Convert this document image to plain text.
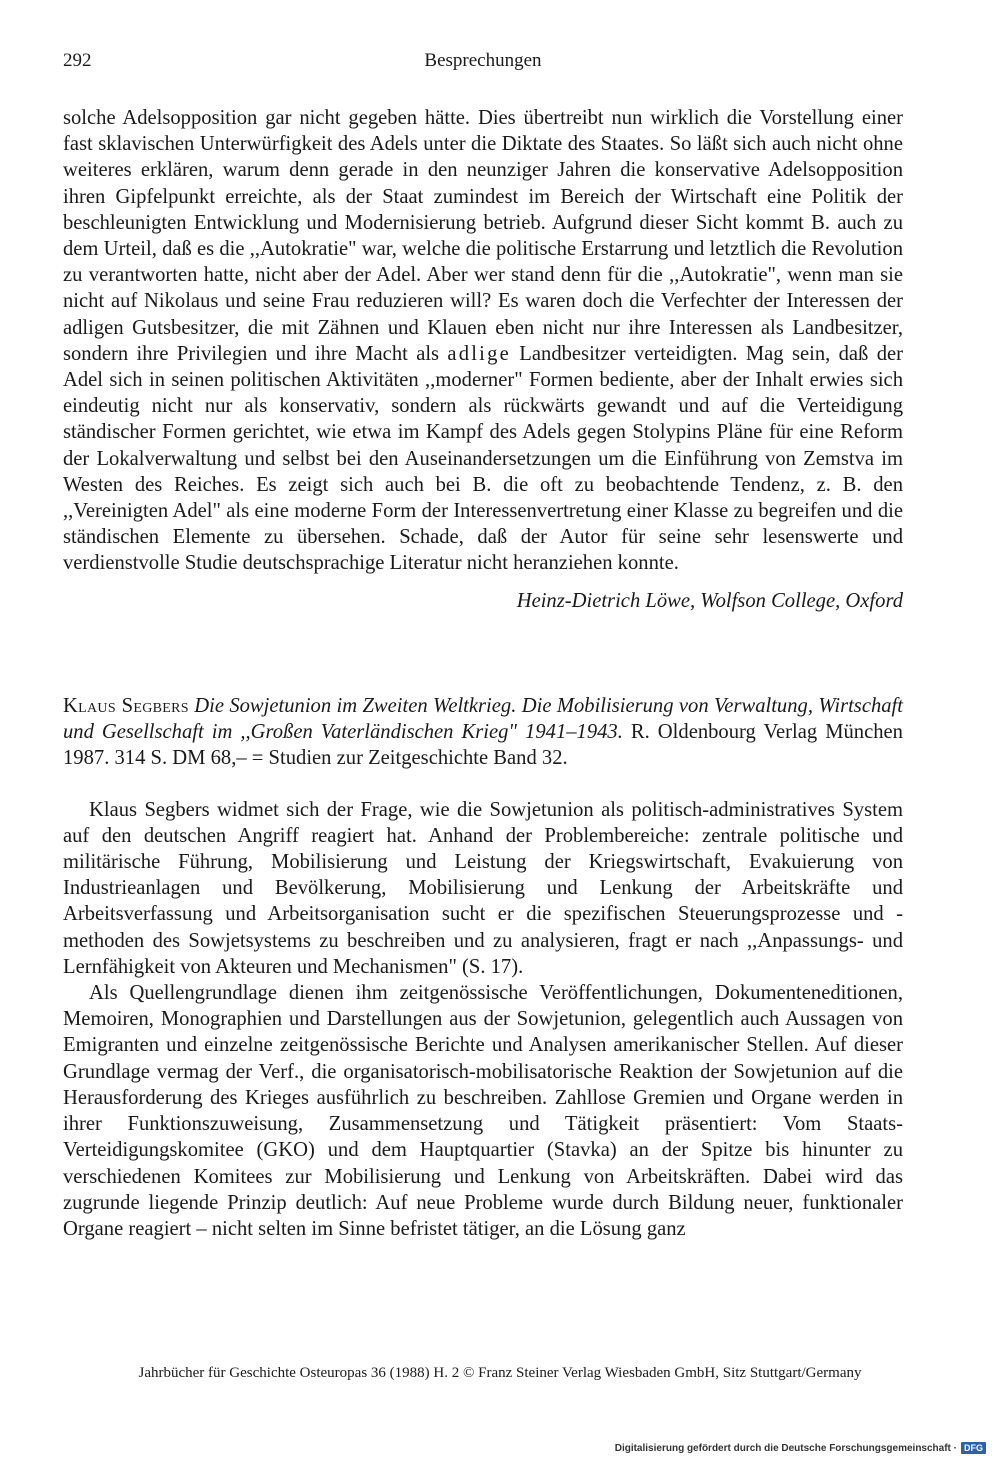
292	Besprechungen

solche Adelsopposition gar nicht gegeben hätte. Dies übertreibt nun wirklich die Vorstellung einer fast sklavischen Unterwürfigkeit des Adels unter die Diktate des Staates. So läßt sich auch nicht ohne weiteres erklären, warum denn gerade in den neunziger Jahren die konservative Adelsopposition ihren Gipfelpunkt erreichte, als der Staat zumindest im Bereich der Wirtschaft eine Politik der beschleunigten Entwicklung und Modernisierung betrieb. Aufgrund dieser Sicht kommt B. auch zu dem Urteil, daß es die ,,Autokratie" war, welche die politische Erstarrung und letztlich die Revolution zu verantworten hatte, nicht aber der Adel. Aber wer stand denn für die ,,Autokratie", wenn man sie nicht auf Nikolaus und seine Frau reduzieren will? Es waren doch die Verfechter der Interessen der adligen Gutsbesitzer, die mit Zähnen und Klauen eben nicht nur ihre Interessen als Landbesitzer, sondern ihre Privilegien und ihre Macht als adlige Landbesitzer verteidigten. Mag sein, daß der Adel sich in seinen politischen Aktivitäten ,,moderner" Formen bediente, aber der Inhalt erwies sich eindeutig nicht nur als konservativ, sondern als rückwärts gewandt und auf die Verteidigung ständischer Formen gerichtet, wie etwa im Kampf des Adels gegen Stolypins Pläne für eine Reform der Lokalverwaltung und selbst bei den Auseinandersetzungen um die Einführung von Zemstva im Westen des Reiches. Es zeigt sich auch bei B. die oft zu beobachtende Tendenz, z. B. den ,,Vereinigten Adel" als eine moderne Form der Interessenvertretung einer Klasse zu begreifen und die ständischen Elemente zu übersehen. Schade, daß der Autor für seine sehr lesenswerte und verdienstvolle Studie deutschsprachige Literatur nicht heranziehen konnte.

Heinz-Dietrich Löwe, Wolfson College, Oxford
Klaus Segbers Die Sowjetunion im Zweiten Weltkrieg. Die Mobilisierung von Verwaltung, Wirtschaft und Gesellschaft im ,,Großen Vaterländischen Krieg" 1941–1943. R. Oldenbourg Verlag München 1987. 314 S. DM 68,– = Studien zur Zeitgeschichte Band 32.

Klaus Segbers widmet sich der Frage, wie die Sowjetunion als politisch-administratives System auf den deutschen Angriff reagiert hat. Anhand der Problembereiche: zentrale politische und militärische Führung, Mobilisierung und Leistung der Kriegswirtschaft, Evakuierung von Industrieanlagen und Bevölkerung, Mobilisierung und Lenkung der Arbeitskräfte und Arbeitsverfassung und Arbeitsorganisation sucht er die spezifischen Steuerungsprozesse und -methoden des Sowjetsystems zu beschreiben und zu analysieren, fragt er nach ,,Anpassungs- und Lernfähigkeit von Akteuren und Mechanismen" (S. 17).

Als Quellengrundlage dienen ihm zeitgenössische Veröffentlichungen, Dokumenteneditionen, Memoiren, Monographien und Darstellungen aus der Sowjetunion, gelegentlich auch Aussagen von Emigranten und einzelne zeitgenössische Berichte und Analysen amerikanischer Stellen. Auf dieser Grundlage vermag der Verf., die organisatorisch-mobilisatorische Reaktion der Sowjetunion auf die Herausforderung des Krieges ausführlich zu beschreiben. Zahllose Gremien und Organe werden in ihrer Funktionszuweisung, Zusammensetzung und Tätigkeit präsentiert: Vom Staats-Verteidigungskomitee (GKO) und dem Hauptquartier (Stavka) an der Spitze bis hinunter zu verschiedenen Komitees zur Mobilisierung und Lenkung von Arbeitskräften. Dabei wird das zugrunde liegende Prinzip deutlich: Auf neue Probleme wurde durch Bildung neuer, funktionaler Organe reagiert – nicht selten im Sinne befristet tätiger, an die Lösung ganz

Jahrbücher für Geschichte Osteuropas 36 (1988) H. 2 © Franz Steiner Verlag Wiesbaden GmbH, Sitz Stuttgart/Germany
Digitalisierung gefördert durch die Deutsche Forschungsgemeinschaft · DFG
